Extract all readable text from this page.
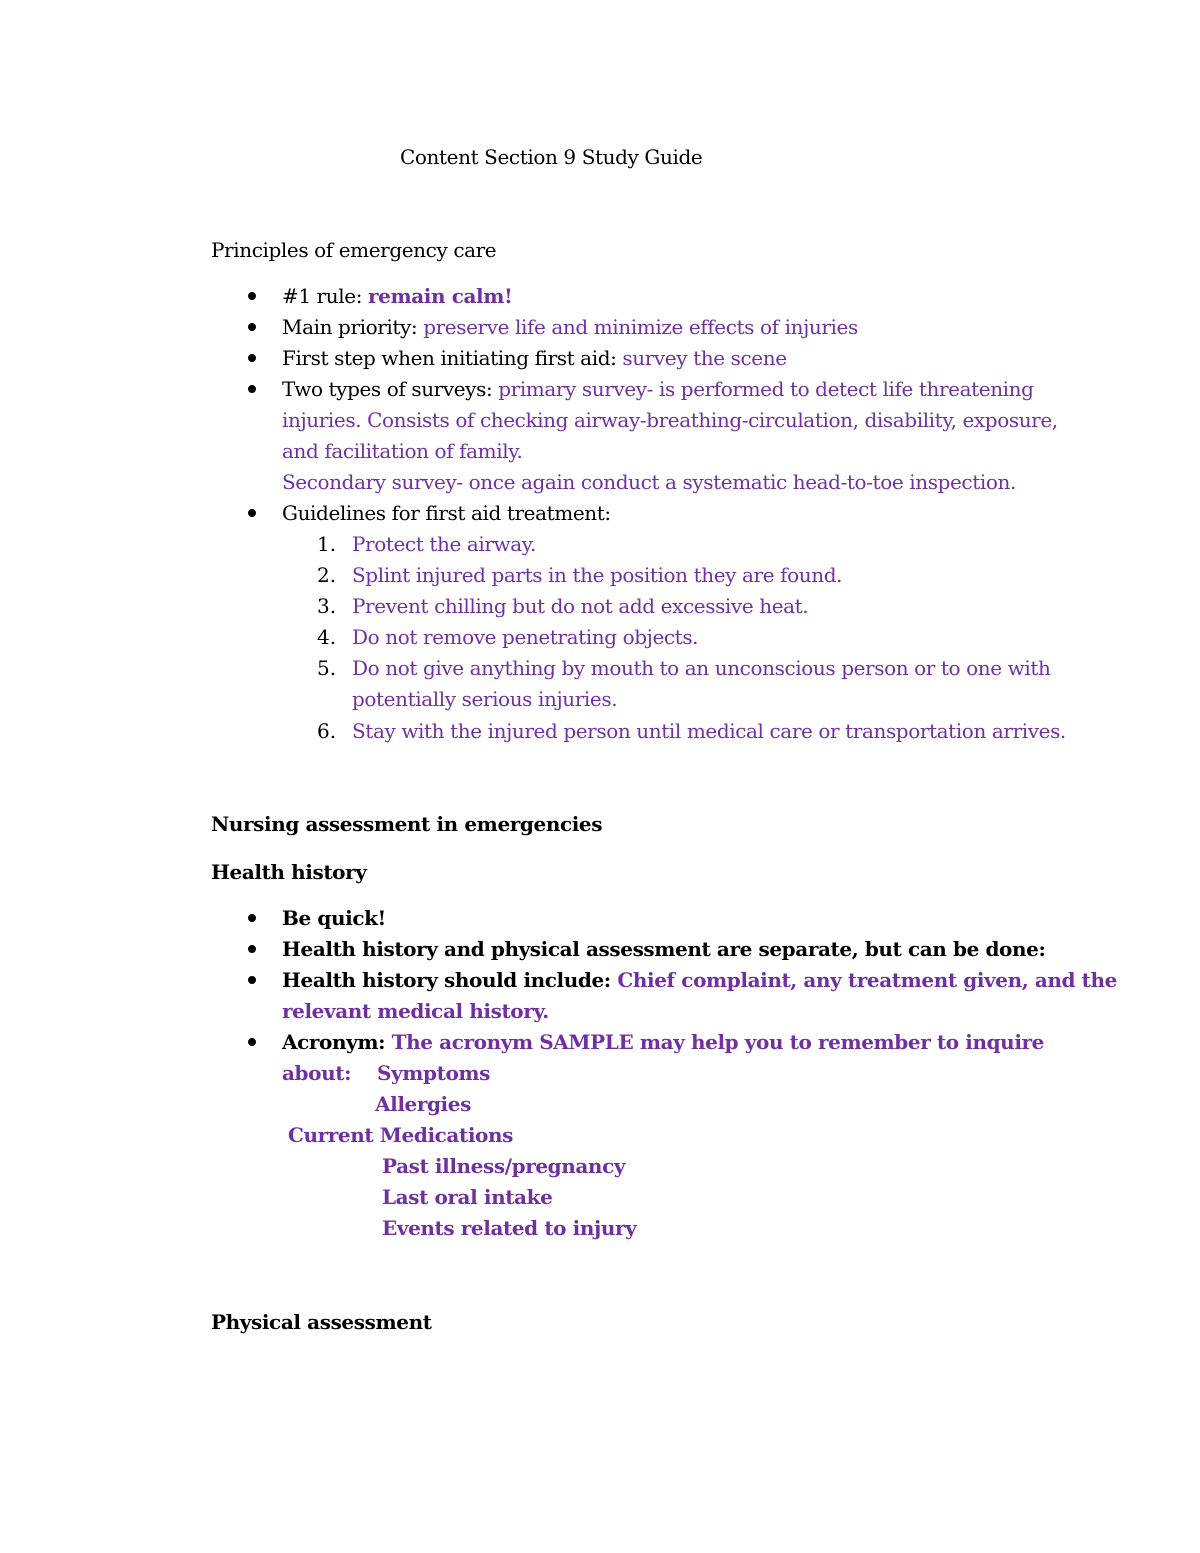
Content Section 9 Study Guide
Principles of emergency care
#1 rule: remain calm!
Main priority: preserve life and minimize effects of injuries
First step when initiating first aid: survey the scene
Two types of surveys: primary survey- is performed to detect life threatening
injuries. Consists of checking airway-breathing-circulation, disability, exposure,
and facilitation of family.
Secondary survey- once again conduct a systematic head-to-toe inspection.
Guidelines for first aid treatment:
1. Protect the airway.
2. Splint injured parts in the position they are found.
3. Prevent chilling but do not add excessive heat.
4. Do not remove penetrating objects.
5. Do not give anything by mouth to an unconscious person or to one with
potentially serious injuries.
6. Stay with the injured person until medical care or transportation arrives.
Nursing assessment in emergencies
Health history
Be quick!
Health history and physical assessment are separate, but can be done:
Health history should include: Chief complaint, any treatment given, and the
relevant medical history.
Acronym: The acronym SAMPLE may help you to remember to inquire
about: Symptoms
Allergies
Current Medications
Past illness/pregnancy
Last oral intake
Events related to injury
Physical assessment
